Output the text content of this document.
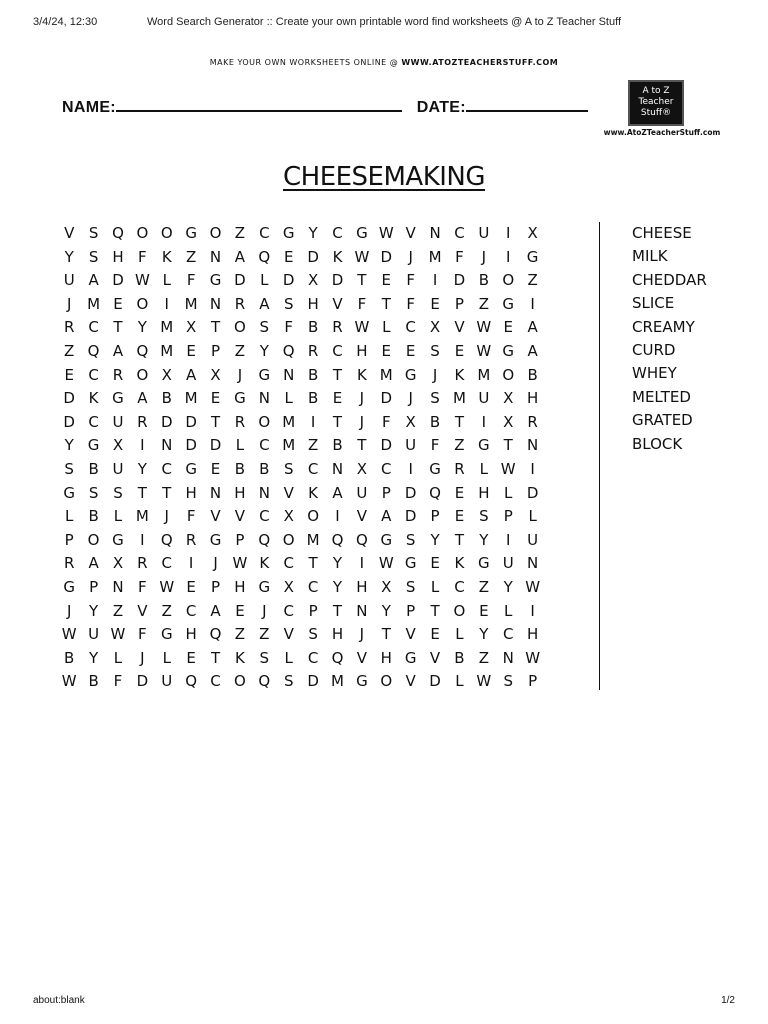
3/4/24, 12:30	Word Search Generator :: Create your own printable word find worksheets @ A to Z Teacher Stuff
MAKE YOUR OWN WORKSHEETS ONLINE @ WWW.ATOZTEACHERSTUFF.COM
NAME:	DATE:
A to Z
Teacher
Stuff®
www.AtoZTeacherStuff.com
CHEESEMAKING
V S Q O O G O Z C G Y C G W V N C U I X
Y S H F K Z N A Q E D K W D J M F J I G
U A D W L F G D L D X D T E F I D B O Z
J M E O I M N R A S H V F T F E P Z G I
R C T Y M X T O S F B R W L C X V W E A
Z Q A Q M E P Z Y Q R C H E E S E W G A
E C R O X A X J G N B T K M G J K M O B
D K G A B M E G N L B E J D J S M U X H
D C U R D D T R O M I T J F X B T I X R
Y G X I N D D L C M Z B T D U F Z G T N
S B U Y C G E B B S C N X C I G R L W I
G S S T T H N H N V K A U P D Q E H L D
L B L M J F V V C X O I V A D P E S P L
P O G I Q R G P Q O M Q Q G S Y T Y I U
R A X R C I J W K C T Y I W G E K G U N
G P N F W E P H G X C Y H X S L C Z Y W
J Y Z V Z C A E J C P T N Y P T O E L I
W U W F G H Q Z Z V S H J T V E L Y C H
B Y L J L E T K S L C Q V H G V B Z N W
W B F D U Q C O Q S D M G O V D L W S P
CHEESE
MILK
CHEDDAR
SLICE
CREAMY
CURD
WHEY
MELTED
GRATED
BLOCK
about:blank	1/2
